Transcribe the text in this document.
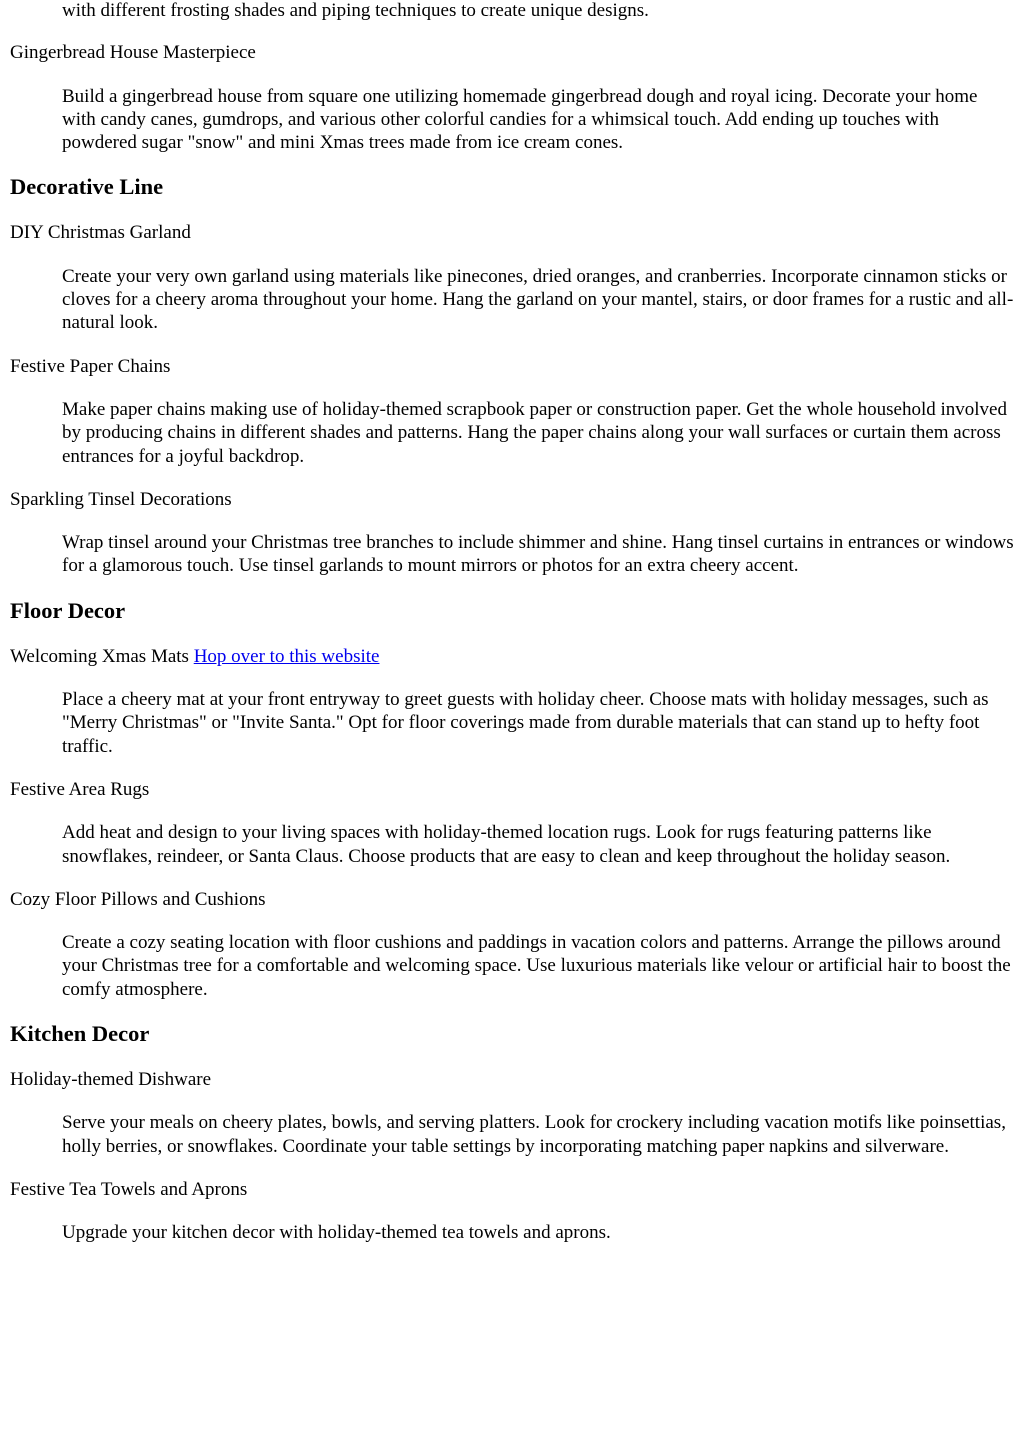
with different frosting shades and piping techniques to create unique designs.

Gingerbread House Masterpiece
Build a gingerbread house from square one utilizing homemade gingerbread dough and royal icing. Decorate your home with candy canes, gumdrops, and various other colorful candies for a whimsical touch. Add ending up touches with powdered sugar "snow" and mini Xmas trees made from ice cream cones.
Decorative Line
DIY Christmas Garland
Create your very own garland using materials like pinecones, dried oranges, and cranberries. Incorporate cinnamon sticks or cloves for a cheery aroma throughout your home. Hang the garland on your mantel, stairs, or door frames for a rustic and all-natural look.
Festive Paper Chains
Make paper chains making use of holiday-themed scrapbook paper or construction paper. Get the whole household involved by producing chains in different shades and patterns. Hang the paper chains along your wall surfaces or curtain them across entrances for a joyful backdrop.
Sparkling Tinsel Decorations
Wrap tinsel around your Christmas tree branches to include shimmer and shine. Hang tinsel curtains in entrances or windows for a glamorous touch. Use tinsel garlands to mount mirrors or photos for an extra cheery accent.
Floor Decor
Welcoming Xmas Mats Hop over to this website
Place a cheery mat at your front entryway to greet guests with holiday cheer. Choose mats with holiday messages, such as "Merry Christmas" or "Invite Santa." Opt for floor coverings made from durable materials that can stand up to hefty foot traffic.
Festive Area Rugs
Add heat and design to your living spaces with holiday-themed location rugs. Look for rugs featuring patterns like snowflakes, reindeer, or Santa Claus. Choose products that are easy to clean and keep throughout the holiday season.
Cozy Floor Pillows and Cushions
Create a cozy seating location with floor cushions and paddings in vacation colors and patterns. Arrange the pillows around your Christmas tree for a comfortable and welcoming space. Use luxurious materials like velour or artificial hair to boost the comfy atmosphere.
Kitchen Decor
Holiday-themed Dishware
Serve your meals on cheery plates, bowls, and serving platters. Look for crockery including vacation motifs like poinsettias, holly berries, or snowflakes. Coordinate your table settings by incorporating matching paper napkins and silverware.
Festive Tea Towels and Aprons
Upgrade your kitchen decor with holiday-themed tea towels and aprons.
